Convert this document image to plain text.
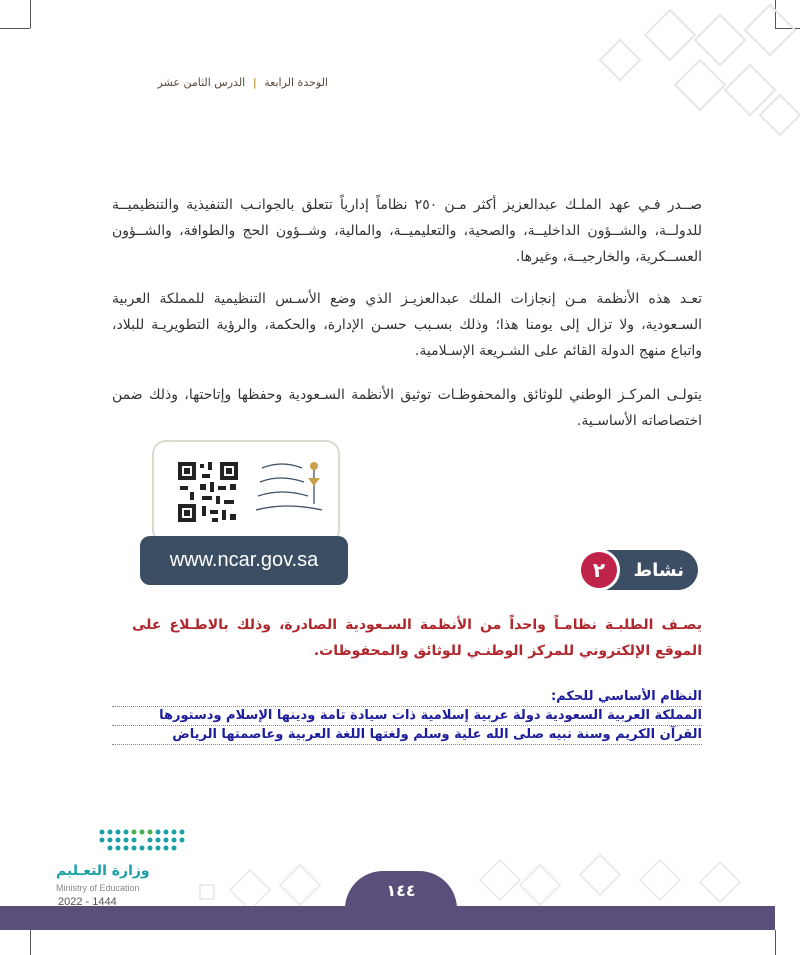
الوحدة الرابعة | الدرس الثامن عشر
صــدر فـي عهد الملـك عبدالعزيز أكثر مـن ٢٥٠ نظاماً إدارياً تتعلق بالجوانـب التنفيذية والتنظيميــة للدولــة، والشــؤون الداخليــة، والصحية، والتعليميــة، والمالية، وشــؤون الحج والطوافة، والشــؤون العســكرية، والخارجيــة، وغيرها.
تعـد هذه الأنظمة مـن إنجازات الملك عبدالعزيـز الذي وضع الأسـس التنظيمية للمملكة العربية السـعودية، ولا تزال إلى يومنا هذا؛ وذلك بسـبب حسـن الإدارة، والحكمة، والرؤية التطويريـة للبلاد، واتباع منهج الدولة القائم على الشـريعة الإسـلامية.
يتولـى المركـز الوطني للوثائق والمحفوظـات توثيق الأنظمة السـعودية وحفظها وإتاحتها، وذلك ضمن اختصاصاته الأساسـية.
www.ncar.gov.sa	نشاط
٢
يصـف الطلبـة نظامـاً واحداً من الأنظمة السـعودية الصادرة، وذلك بالاطـلاع على الموقع الإلكتروني للمركز الوطنـي للوثائق والمحفوظات.
النظام الأساسي للحكم:
المملكة العربية السعودية دولة عربية إسلامية ذات سيادة تامة ودينها الإسلام ودستورها
القرآن الكريم وسنة نبيه صلى الله علية وسلم ولغتها اللغة العربية وعاصمتها الرياض
١٤٤
وزارة التعـليم
Ministry of Education
2022 - 1444
